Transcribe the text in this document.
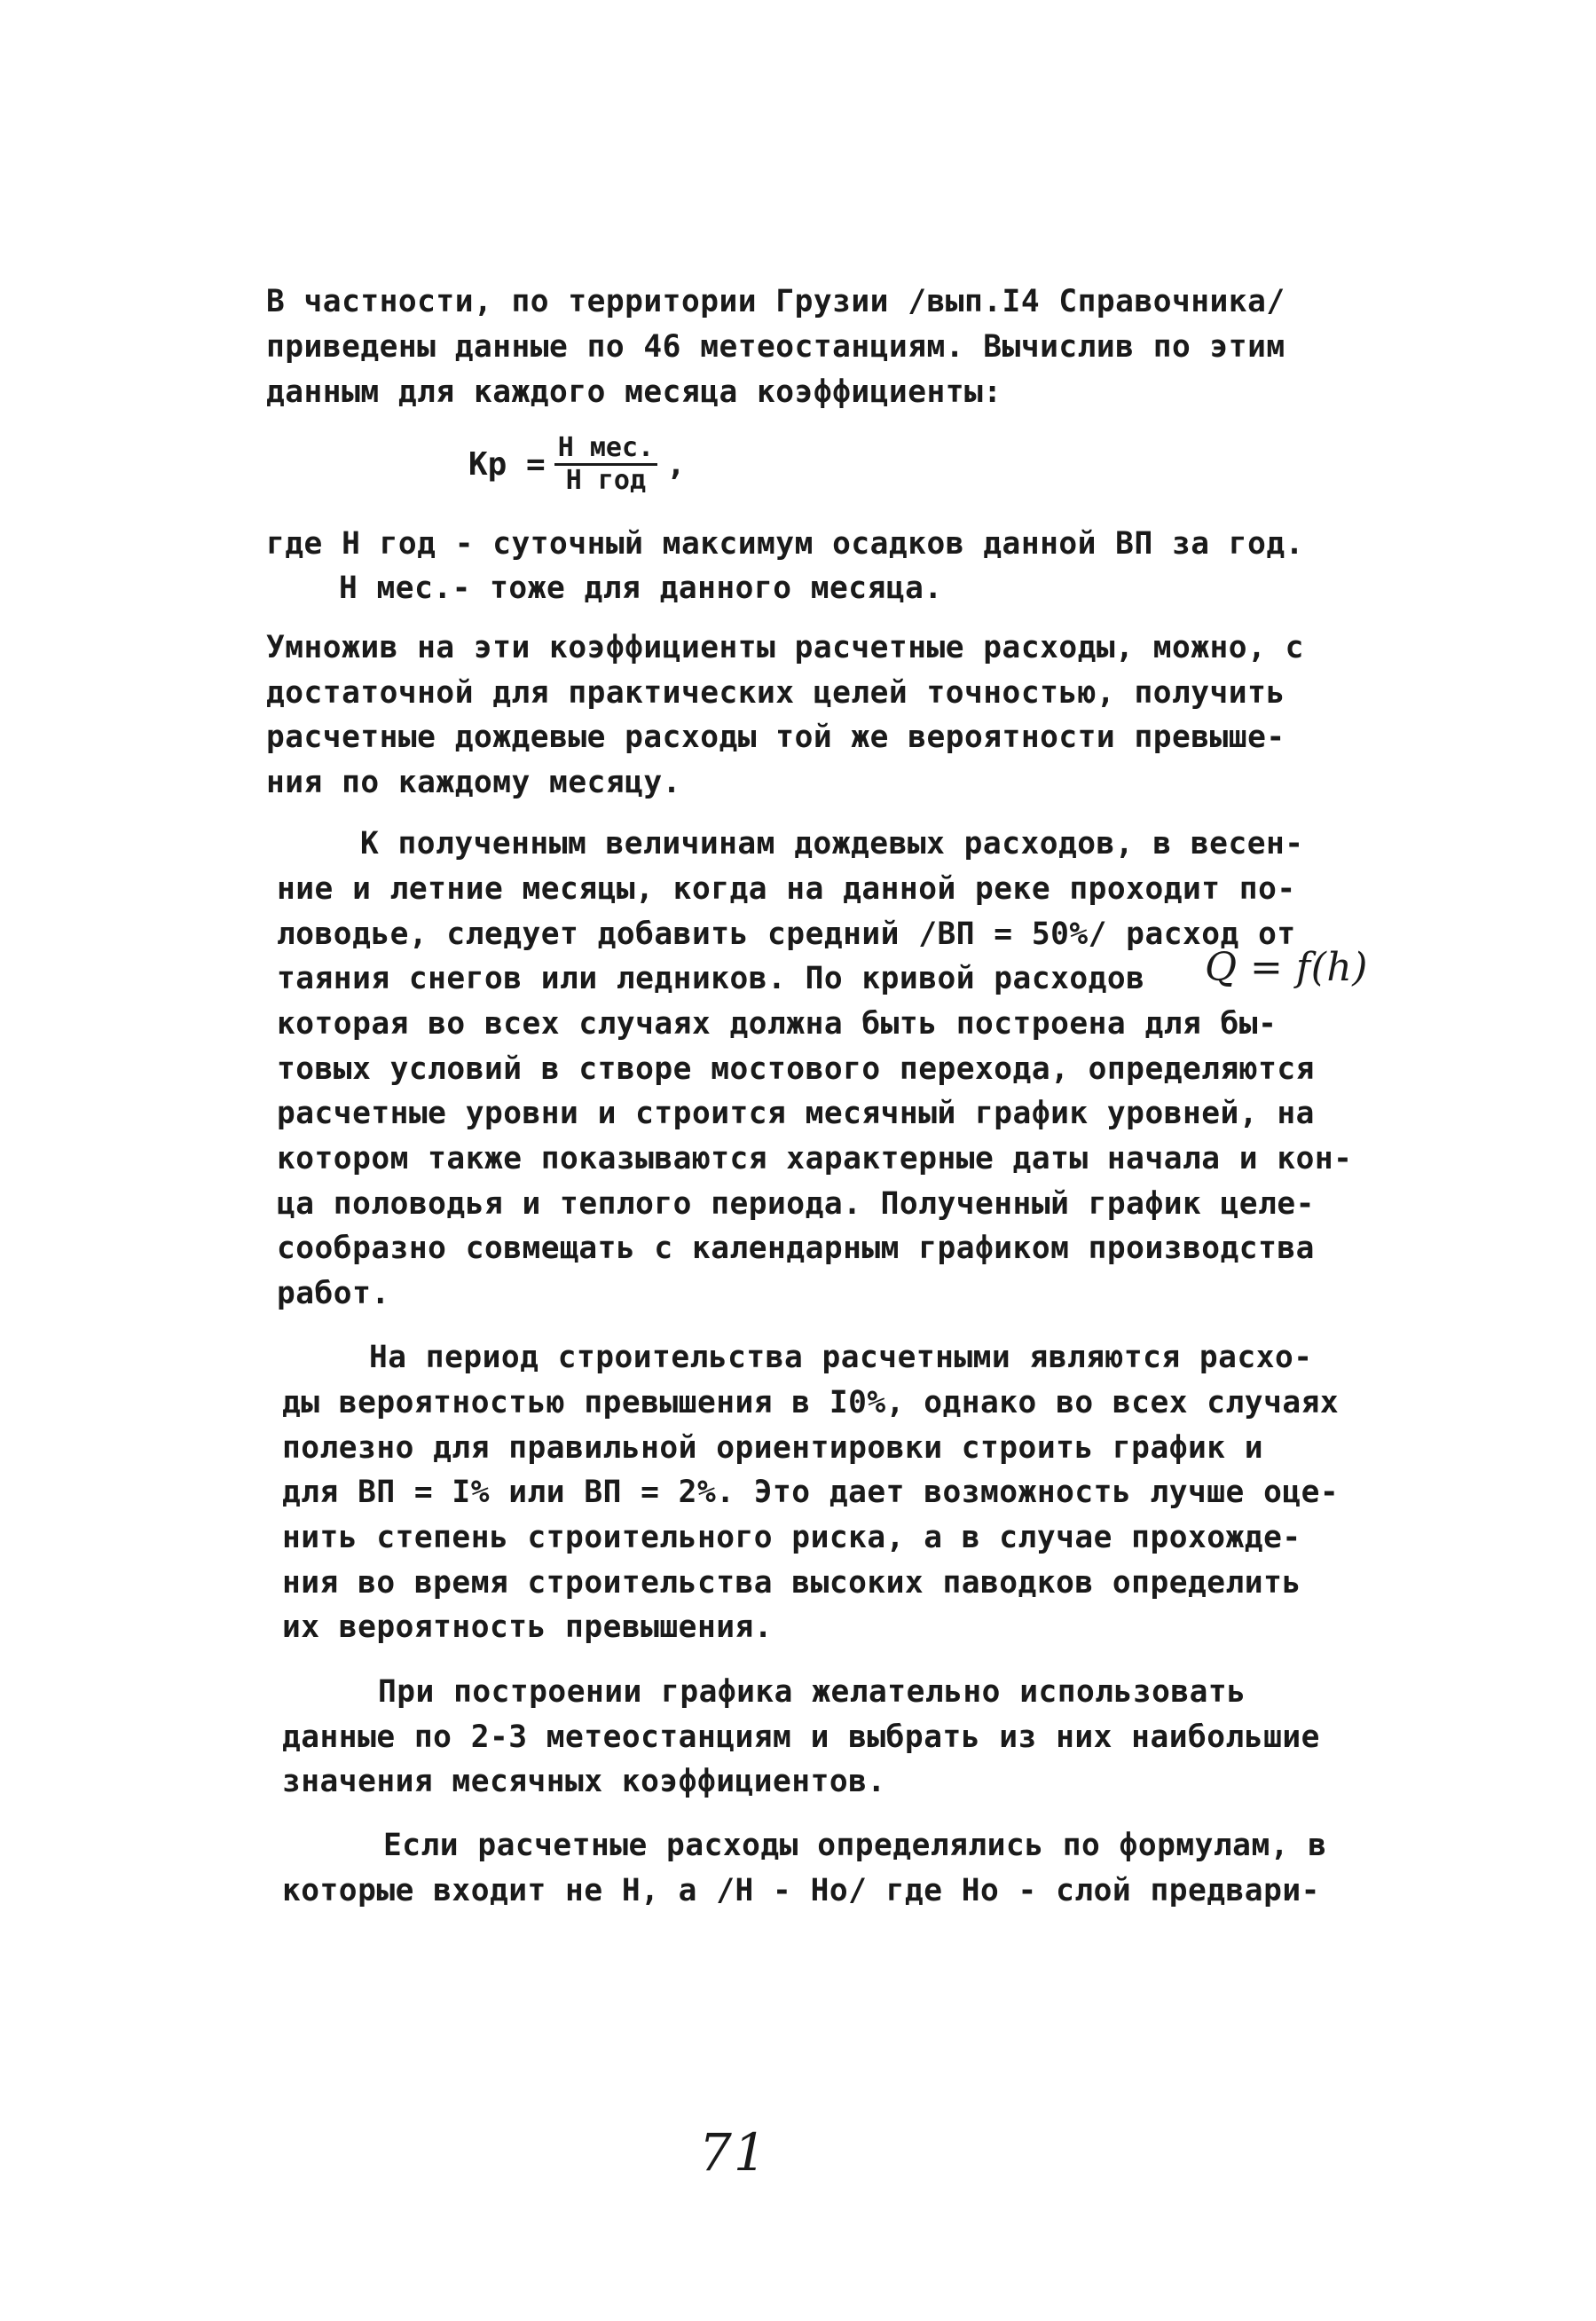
В частности, по территории Грузии /вып.I4 Справочника/
приведены данные по 46 метеостанциям. Вычислив по этим
данным для каждого месяца коэффициенты:
Кр = $\frac{\text{Н мес.}}{\text{Н год}}$ ,
где Н год - суточный максимум осадков данной ВП за год.
Н мес.- тоже для данного месяца.
Умножив на эти коэффициенты расчетные расходы, можно, с
достаточной для практических целей точностью, получить
расчетные дождевые расходы той же вероятности превыше-
ния по каждому месяцу.
К полученным величинам дождевых расходов, в весен-
ние и летние месяцы, когда на данной реке проходит по-
ловодье, следует добавить средний /ВП = 50%/ расход от
таяния снегов или ледников. По кривой расходов Q = f(h)
которая во всех случаях должна быть построена для бы-
товых условий в створе мостового перехода, определяются
расчетные уровни и строится месячный график уровней, на
котором также показываются характерные даты начала и кон-
ца половодья и теплого периода. Полученный график целе-
сообразно совмещать с календарным графиком производства
работ.
На период строительства расчетными являются расхо-
ды вероятностью превышения в I0%, однако во всех случаях
полезно для правильной ориентировки строить график и
для ВП = I% или ВП = 2%. Это дает возможность лучше оце-
нить степень строительного риска, а в случае прохожде-
ния во время строительства высоких паводков определить
их вероятность превышения.
При построении графика желательно использовать
данные по 2-3 метеостанциям и выбрать из них наибольшие
значения месячных коэффициентов.
Если расчетные расходы определялись по формулам, в
которые входит не Н, а /Н - Но/ где Но - слой предвари-
71
